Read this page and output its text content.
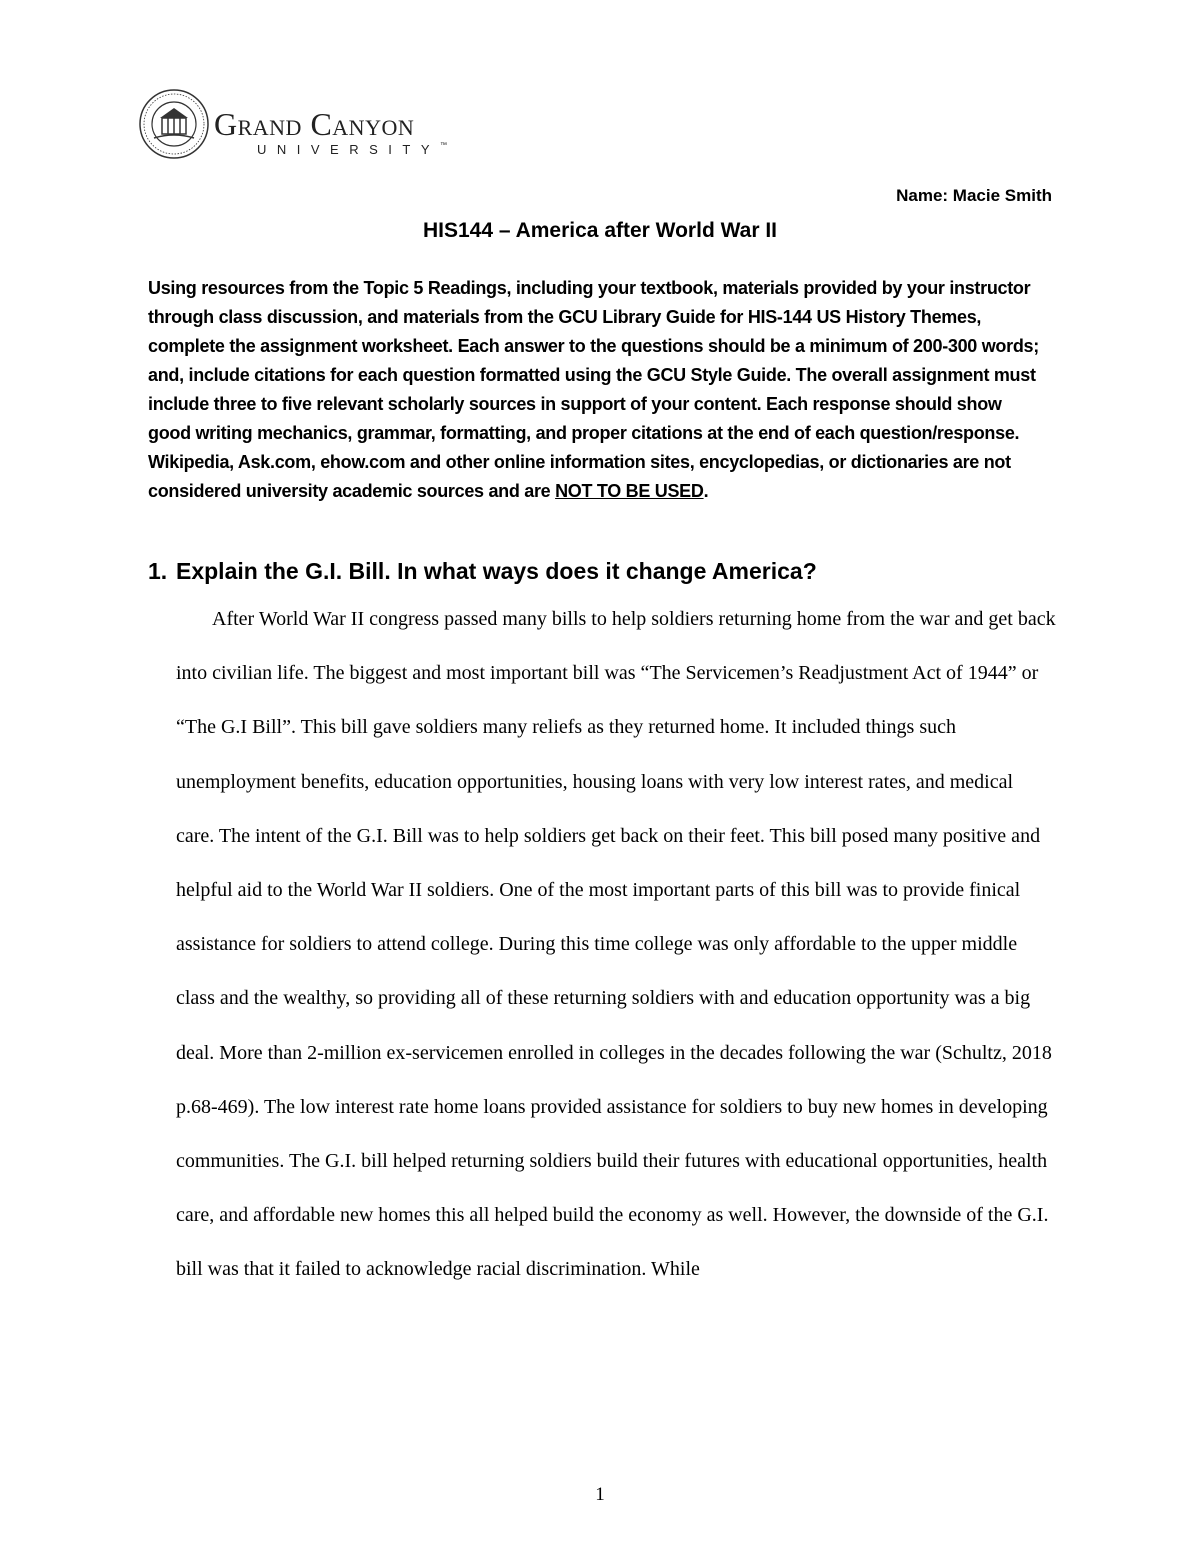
Grand Canyon
UNIVERSITY™
Name: Macie Smith
HIS144 – America after World War II
Using resources from the Topic 5 Readings, including your textbook, materials provided by your instructor through class discussion, and materials from the GCU Library Guide for HIS-144 US History Themes, complete the assignment worksheet. Each answer to the questions should be a minimum of 200-300 words; and, include citations for each question formatted using the GCU Style Guide. The overall assignment must include three to five relevant scholarly sources in support of your content. Each response should show good writing mechanics, grammar, formatting, and proper citations at the end of each question/response. Wikipedia, Ask.com, ehow.com and other online information sites, encyclopedias, or dictionaries are not considered university academic sources and are NOT TO BE USED.
1. Explain the G.I. Bill. In what ways does it change America?

After World War II congress passed many bills to help soldiers returning home from the war and get back into civilian life. The biggest and most important bill was “The Servicemen’s Readjustment Act of 1944” or “The G.I Bill”. This bill gave soldiers many reliefs as they returned home. It included things such unemployment benefits, education opportunities, housing loans with very low interest rates, and medical care. The intent of the G.I. Bill was to help soldiers get back on their feet. This bill posed many positive and helpful aid to the World War II soldiers. One of the most important parts of this bill was to provide finical assistance for soldiers to attend college. During this time college was only affordable to the upper middle class and the wealthy, so providing all of these returning soldiers with and education opportunity was a big deal. More than 2-million ex-servicemen enrolled in colleges in the decades following the war (Schultz, 2018 p.68-469). The low interest rate home loans provided assistance for soldiers to buy new homes in developing communities. The G.I. bill helped returning soldiers build their futures with educational opportunities, health care, and affordable new homes this all helped build the economy as well. However, the downside of the G.I. bill was that it failed to acknowledge racial discrimination. While

1
